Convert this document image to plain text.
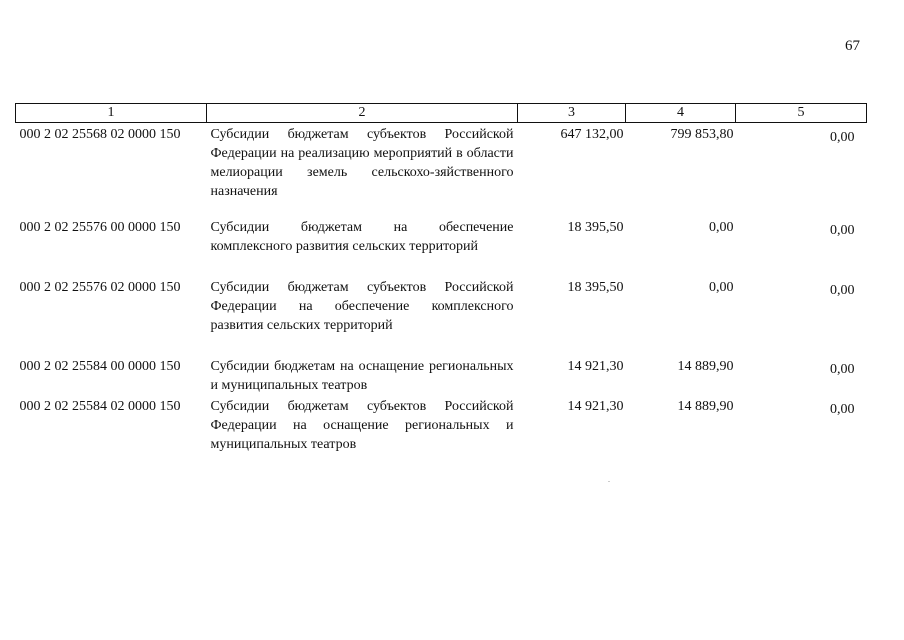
67
1	2	3	4	5
000 2 02 25568 02 0000 150	Субсидии бюджетам субъектов Российской Федерации на реализацию мероприятий в области мелиорации земель сельскохо-зяйственного назначения	647 132,00	799 853,80	0,00
000 2 02 25576 00 0000 150	Субсидии бюджетам на обеспечение комплексного развития сельских территорий	18 395,50	0,00	0,00
000 2 02 25576 02 0000 150	Субсидии бюджетам субъектов Российской Федерации на обеспечение комплексного развития сельских территорий	18 395,50	0,00	0,00
000 2 02 25584 00 0000 150	Субсидии бюджетам на оснащение региональных и муниципальных театров	14 921,30	14 889,90	0,00
000 2 02 25584 02 0000 150	Субсидии бюджетам субъектов Российской Федерации на оснащение региональных и муниципальных театров	14 921,30	14 889,90	0,00
